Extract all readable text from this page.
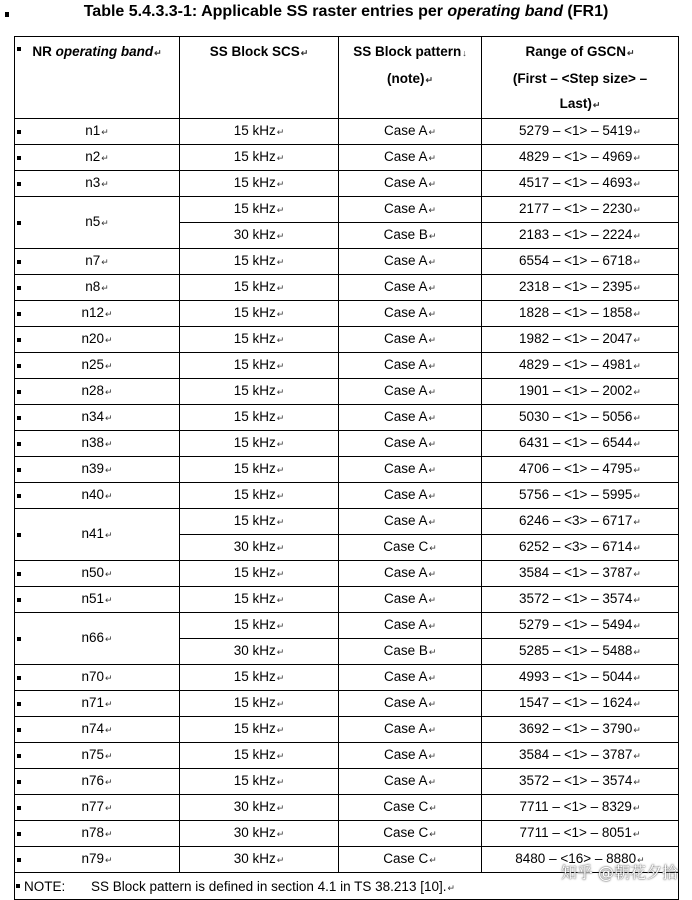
Table 5.4.3.3-1: Applicable SS raster entries per operating band (FR1)
NR operating band↵	SS Block SCS↵	SS Block pattern↓
(note)↵	Range of GSCN↵
(First – <Step size> –
Last)↵

n1↵	15 kHz↵	Case A↵	5279 – <1> – 5419↵

n2↵	15 kHz↵	Case A↵	4829 – <1> – 4969↵

n3↵	15 kHz↵	Case A↵	4517 – <1> – 4693↵

n5↵	15 kHz↵	Case A↵	2177 – <1> – 2230↵
	30 kHz↵	Case B↵	2183 – <1> – 2224↵

n7↵	15 kHz↵	Case A↵	6554 – <1> – 6718↵

n8↵	15 kHz↵	Case A↵	2318 – <1> – 2395↵

n12↵	15 kHz↵	Case A↵	1828 – <1> – 1858↵

n20↵	15 kHz↵	Case A↵	1982 – <1> – 2047↵

n25↵	15 kHz↵	Case A↵	4829 – <1> – 4981↵

n28↵	15 kHz↵	Case A↵	1901 – <1> – 2002↵

n34↵	15 kHz↵	Case A↵	5030 – <1> – 5056↵

n38↵	15 kHz↵	Case A↵	6431 – <1> – 6544↵

n39↵	15 kHz↵	Case A↵	4706 – <1> – 4795↵

n40↵	15 kHz↵	Case A↵	5756 – <1> – 5995↵

n41↵	15 kHz↵	Case A↵	6246 – <3> – 6717↵
	30 kHz↵	Case C↵	6252 – <3> – 6714↵

n50↵	15 kHz↵	Case A↵	3584 – <1> – 3787↵

n51↵	15 kHz↵	Case A↵	3572 – <1> – 3574↵

n66↵	15 kHz↵	Case A↵	5279 – <1> – 5494↵
	30 kHz↵	Case B↵	5285 – <1> – 5488↵

n70↵	15 kHz↵	Case A↵	4993 – <1> – 5044↵

n71↵	15 kHz↵	Case A↵	1547 – <1> – 1624↵

n74↵	15 kHz↵	Case A↵	3692 – <1> – 3790↵

n75↵	15 kHz↵	Case A↵	3584 – <1> – 3787↵

n76↵	15 kHz↵	Case A↵	3572 – <1> – 3574↵

n77↵	30 kHz↵	Case C↵	7711 – <1> – 8329↵

n78↵	30 kHz↵	Case C↵	7711 – <1> – 8051↵

n79↵	30 kHz↵	Case C↵	8480 – <16> – 8880↵

NOTE: SS Block pattern is defined in section 4.1 in TS 38.213 [10].↵			
知乎 @朝花夕拾
